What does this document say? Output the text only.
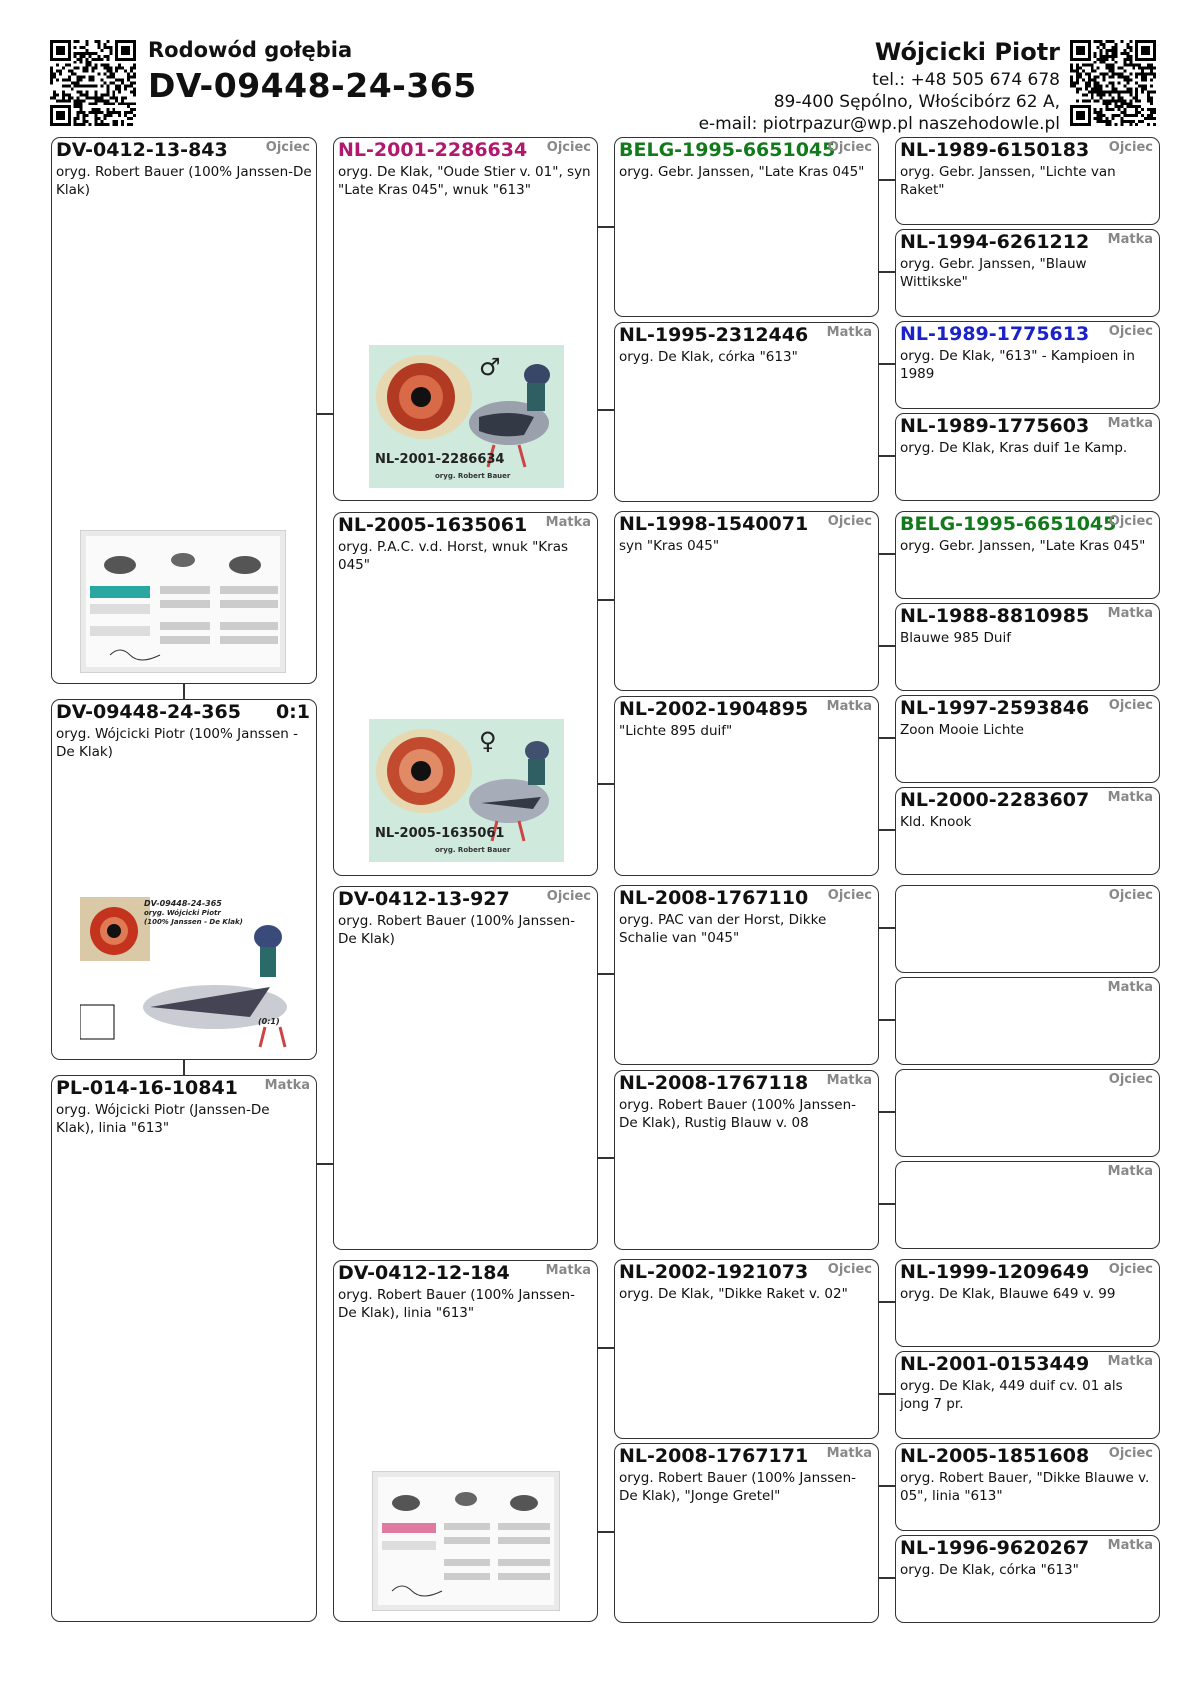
Rodowód gołębia
DV-09448-24-365
Wójcicki Piotr
tel.: +48 505 674 678
89-400 Sępólno, Włościbórz 62 A,
e-mail: piotrpazur@wp.pl naszehodowle.pl
DV-0412-13-843	Ojciec
oryg. Robert Bauer (100% Janssen-De Klak)
DV-09448-24-365 0:1
oryg. Wójcicki Piotr (100% Janssen - De Klak)
DV-09448-24-365
oryg. Wójcicki Piotr
(100% Janssen - De Klak)
(0:1)
PL-014-16-10841 Matka
oryg. Wójcicki Piotr (Janssen-De Klak), linia "613"
NL-2001-2286634 Ojciec
oryg. De Klak, "Oude Stier v. 01", syn "Late Kras 045", wnuk "613"
♂
NL-2001-2286634
oryg. Robert Bauer
NL-2005-1635061 Matka
oryg. P.A.C. v.d. Horst, wnuk "Kras 045"
♀
NL-2005-1635061
oryg. Robert Bauer
DV-0412-13-927	Ojciec
oryg. Robert Bauer (100% Janssen-De Klak)
DV-0412-12-184	Matka
oryg. Robert Bauer (100% Janssen-De Klak), linia "613"
BELG-1995-6651045
Ojciec
oryg. Gebr. Janssen, "Late Kras 045"
NL-1995-2312446 Matka
oryg. De Klak, córka "613"
NL-1998-1540071 Ojciec
syn "Kras 045"
NL-2002-1904895 Matka
"Lichte 895 duif"
NL-2008-1767110 Ojciec
oryg. PAC van der Horst, Dikke Schalie van "045"
NL-2008-1767118 Matka
oryg. Robert Bauer (100% Janssen-De Klak), Rustig Blauw v. 08
NL-2002-1921073 Ojciec
oryg. De Klak, "Dikke Raket v. 02"
NL-2008-1767171 Matka
oryg. Robert Bauer (100% Janssen-De Klak), "Jonge Gretel"
NL-1989-6150183 Ojciec
oryg. Gebr. Janssen, "Lichte van Raket"
NL-1994-6261212 Matka
oryg. Gebr. Janssen, "Blauw Wittikske"
NL-1989-1775613 Ojciec
oryg. De Klak, "613" - Kampioen in 1989
NL-1989-1775603 Matka
oryg. De Klak, Kras duif 1e Kamp.
BELG-1995-6651045
Ojciec
oryg. Gebr. Janssen, "Late Kras 045"
NL-1988-8810985 Matka
Blauwe 985 Duif
NL-1997-2593846 Ojciec
Zoon Mooie Lichte
NL-2000-2283607 Matka
Kld. Knook
Ojciec
Matka
Ojciec
Matka
NL-1999-1209649 Ojciec
oryg. De Klak, Blauwe 649 v. 99
NL-2001-0153449 Matka
oryg. De Klak, 449 duif cv. 01 als jong 7 pr.
NL-2005-1851608 Ojciec
oryg. Robert Bauer, "Dikke Blauwe v. 05", linia "613"
NL-1996-9620267 Matka
oryg. De Klak, córka "613"
